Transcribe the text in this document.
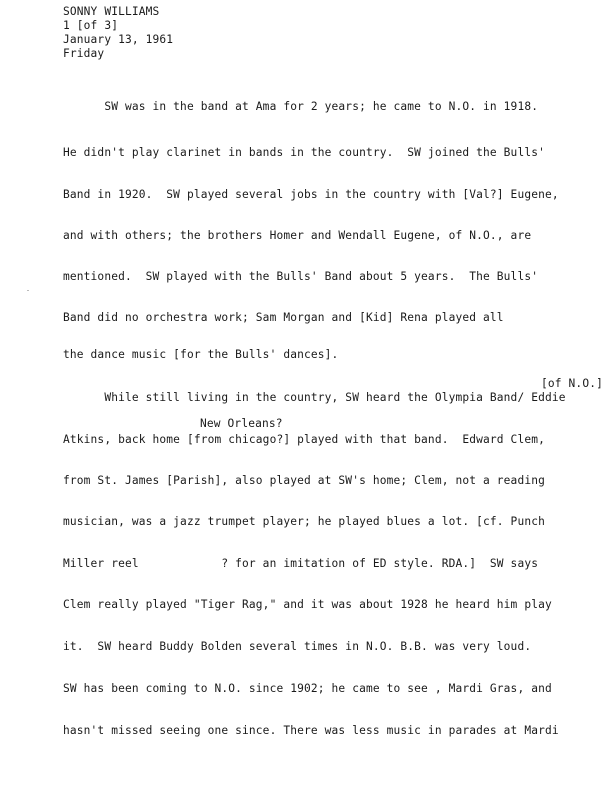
SONNY WILLIAMS
1 [of 3]
January 13, 1961
Friday
SW was in the band at Ama for 2 years; he came to N.O. in 1918.
He didn't play clarinet in bands in the country.  SW joined the Bulls'
Band in 1920.  SW played several jobs in the country with [Val?] Eugene,
and with others; the brothers Homer and Wendall Eugene, of N.O., are
mentioned.  SW played with the Bulls' Band about 5 years.  The Bulls'
Band did no orchestra work; Sam Morgan and [Kid] Rena played all
the dance music [for the Bulls' dances].
[of N.O.]
While still living in the country, SW heard the Olympia Band/ Eddie
New Orleans?
Atkins, back home [from chicago?] played with that band.  Edward Clem,
from St. James [Parish], also played at SW's home; Clem, not a reading
musician, was a jazz trumpet player; he played blues a lot. [cf. Punch
Miller reel            ? for an imitation of ED style. RDA.]  SW says
Clem really played "Tiger Rag," and it was about 1928 he heard him play
it.  SW heard Buddy Bolden several times in N.O. B.B. was very loud.
SW has been coming to N.O. since 1902; he came to see , Mardi Gras, and
hasn't missed seeing one since. There was less music in parades at Mardi
